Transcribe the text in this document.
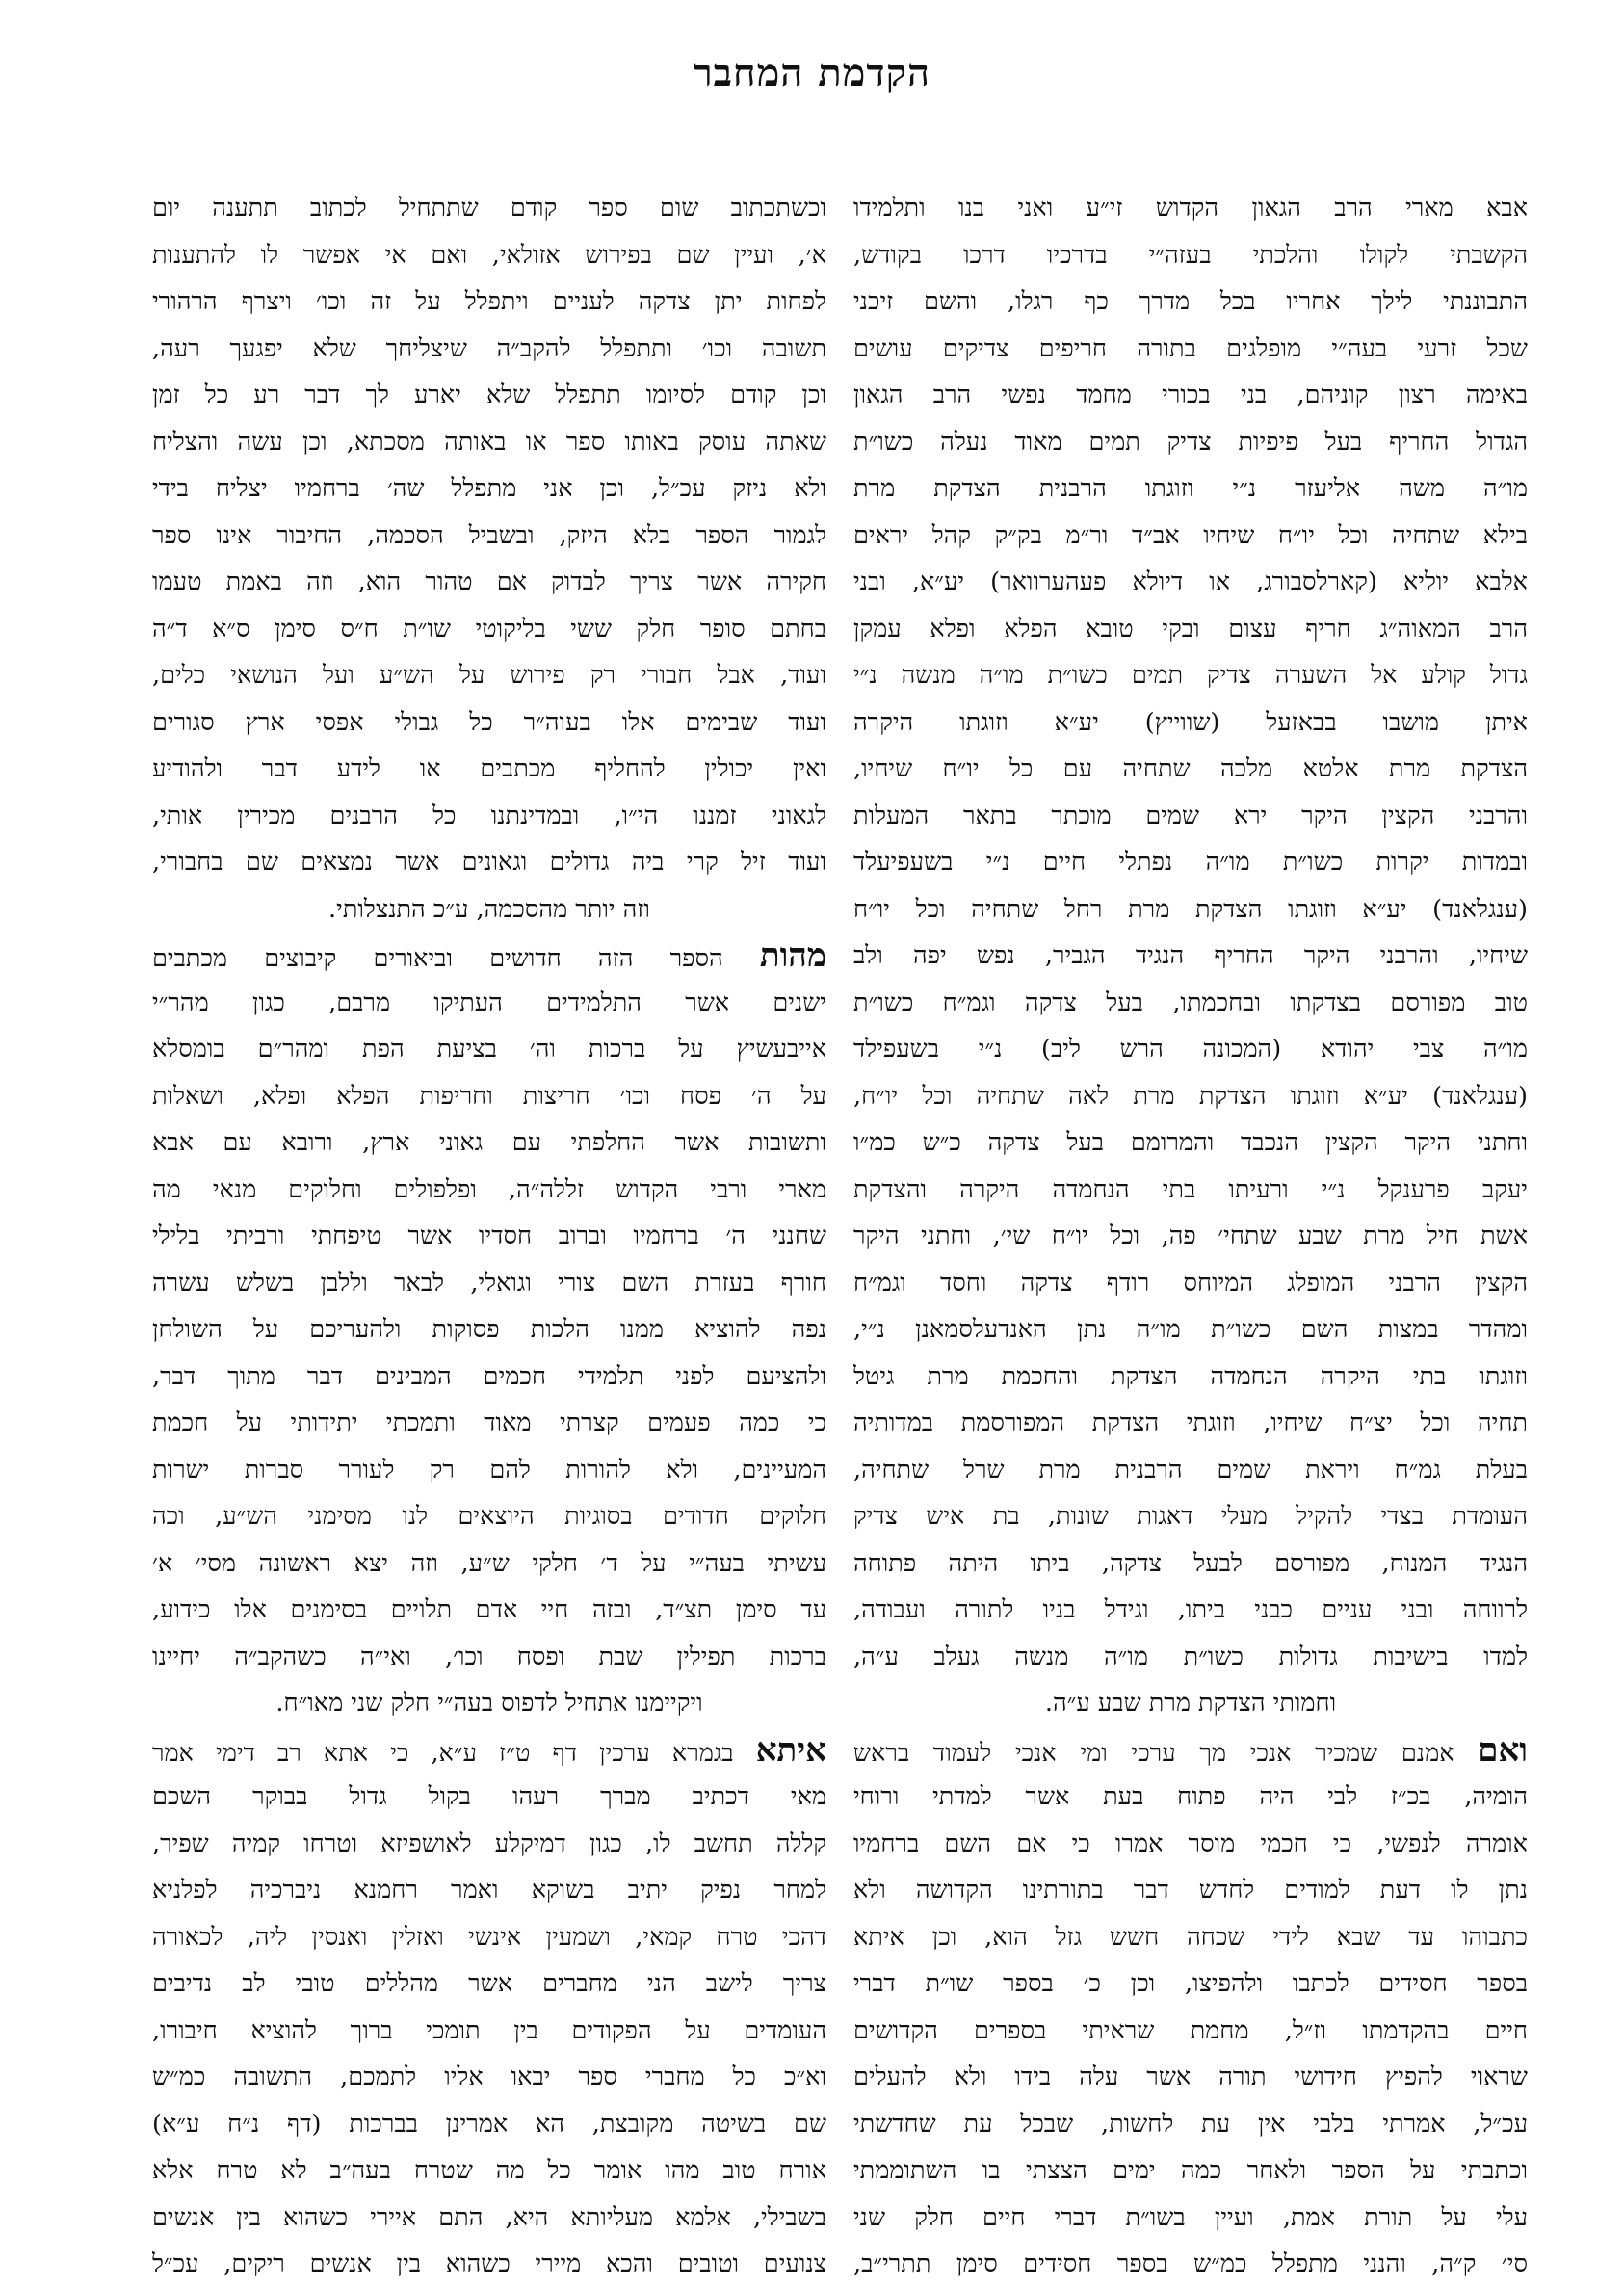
הקדמת המחבר
אבא מארי הרב הגאון הקדוש זי״ע ואני בנו ותלמידו
הקשבתי לקולו והלכתי בעזה״י בדרכיו דרכו בקודש,
התבוננתי לילך אחריו בכל מדרך כף רגלו, והשם זיכני
שכל זרעי בעה״י מופלגים בתורה חריפים צדיקים עושים
באימה רצון קוניהם, בני בכורי מחמד נפשי הרב הגאון
הגדול החריף בעל פיפיות צדיק תמים מאוד נעלה כשו״ת
מו״ה משה אליעזר נ״י וזוגתו הרבנית הצדקת מרת
בילא שתחיה וכל יו״ח שיחיו אב״ד ור״מ בק״ק קהל יראים
אלבא יוליא (קארלסבורג, או דיולא פעהערוואר) יע״א, ובני
הרב המאוה״ג חריף עצום ובקי טובא הפלא ופלא עמקן
גדול קולע אל השערה צדיק תמים כשו״ת מו״ה מנשה נ״י
איתן מושבו בבאזעל (שווייץ) יע״א וזוגתו היקרה
הצדקת מרת אלטא מלכה שתחיה עם כל יו״ח שיחיו,
והרבני הקצין היקר ירא שמים מוכתר בתאר המעלות
ובמדות יקרות כשו״ת מו״ה נפתלי חיים נ״י בשעפיעלד
(ענגלאנד) יע״א וזוגתו הצדקת מרת רחל שתחיה וכל יו״ח
שיחיו, והרבני היקר החריף הנגיד הגביר, נפש יפה ולב
טוב מפורסם בצדקתו ובחכמתו, בעל צדקה וגמ״ח כשו״ת
מו״ה צבי יהודא (המכונה הרש ליב) נ״י בשעפילד
(ענגלאנד) יע״א וזוגתו הצדקת מרת לאה שתחיה וכל יו״ח,
וחתני היקר הקצין הנכבד והמרומם בעל צדקה כ״ש כמ״ו
יעקב פרענקל נ״י ורעיתו בתי הנחמדה היקרה והצדקת
אשת חיל מרת שבע שתחי׳ פה, וכל יו״ח שי׳, וחתני היקר
הקצין הרבני המופלג המיוחס רודף צדקה וחסד וגמ״ח
ומהדר במצות השם כשו״ת מו״ה נתן האנדעלסמאנן נ״י,
וזוגתו בתי היקרה הנחמדה הצדקת והחכמת מרת גיטל
תחיה וכל יצ״ח שיחיו, וזוגתי הצדקת המפורסמת במדותיה
בעלת גמ״ח ויראת שמים הרבנית מרת שרל שתחיה,
העומדת בצדי להקיל מעלי דאגות שונות, בת איש צדיק
הנגיד המנוח, מפורסם לבעל צדקה, ביתו היתה פתוחה
לרווחה ובני עניים כבני ביתו, וגידל בניו לתורה ועבודה,
למדו בישיבות גדולות כשו״ת מו״ה מנשה געלב ע״ה,
וחמותי הצדקת מרת שבע ע״ה.
ואם אמנם שמכיר אנכי מך ערכי ומי אנכי לעמוד בראש
הומיה, בכ״ז לבי היה פתוח בעת אשר למדתי ורוחי
אומרה לנפשי, כי חכמי מוסר אמרו כי אם השם ברחמיו
נתן לו דעת למודים לחדש דבר בתורתינו הקדושה ולא
כתבוהו עד שבא לידי שכחה חשש גזל הוא, וכן איתא
בספר חסידים לכתבו ולהפיצו, וכן כ׳ בספר שו״ת דברי
חיים בהקדמתו וז״ל, מחמת שראיתי בספרים הקדושים
שראוי להפיץ חידושי תורה אשר עלה בידו ולא להעלים
עכ״ל, אמרתי בלבי אין עת לחשות, שבכל עת שחדשתי
וכתבתי על הספר ולאחר כמה ימים הצצתי בו השתוממתי
עלי על תורת אמת, ועיין בשו״ת דברי חיים חלק שני
סי׳ ק״ה, והנני מתפלל כמ״ש בספר חסידים סימן תתרי״ב,
וכשתכתוב שום ספר קודם שתתחיל לכתוב תתענה יום
א׳, ועיין שם בפירוש אזולאי, ואם אי אפשר לו להתענות
לפחות יתן צדקה לעניים ויתפלל על זה וכו׳ ויצרף הרהורי
תשובה וכו׳ ותתפלל להקב״ה שיצליחך שלא יפגעך רעה,
וכן קודם לסיומו תתפלל שלא יארע לך דבר רע כל זמן
שאתה עוסק באותו ספר או באותה מסכתא, וכן עשה והצליח
ולא ניזק עכ״ל, וכן אני מתפלל שה׳ ברחמיו יצליח בידי
לגמור הספר בלא היזק, ובשביל הסכמה, החיבור אינו ספר
חקירה אשר צריך לבדוק אם טהור הוא, וזה באמת טעמו
בחתם סופר חלק ששי בליקוטי שו״ת ח״ס סימן ס״א ד״ה
ועוד, אבל חבורי רק פירוש על הש״ע ועל הנושאי כלים,
ועוד שבימים אלו בעוה״ר כל גבולי אפסי ארץ סגורים
ואין יכולין להחליף מכתבים או לידע דבר ולהודיע
לגאוני זמננו הי״ו, ובמדינתנו כל הרבנים מכירין אותי,
ועוד זיל קרי ביה גדולים וגאונים אשר נמצאים שם בחבורי,
וזה יותר מהסכמה, ע״כ התנצלותי.
מהות הספר הזה חדושים וביאורים קיבוצים מכתבים
ישנים אשר התלמידים העתיקו מרבם, כגון מהר״י
אייבעשיץ על ברכות וה׳ בציעת הפת ומהר״ם בומסלא
על ה׳ פסח וכו׳ חריצות וחריפות הפלא ופלא, ושאלות
ותשובות אשר החלפתי עם גאוני ארץ, ורובא עם אבא
מארי ורבי הקדוש זללה״ה, ופלפולים וחלוקים מנאי מה
שחנני ה׳ ברחמיו וברוב חסדיו אשר טיפחתי ורביתי בלילי
חורף בעזרת השם צורי וגואלי, לבאר וללבן בשלש עשרה
נפה להוציא ממנו הלכות פסוקות ולהעריכם על השולחן
ולהציעם לפני תלמידי חכמים המבינים דבר מתוך דבר,
כי כמה פעמים קצרתי מאוד ותמכתי יתידותי על חכמת
המעיינים, ולא להורות להם רק לעורר סברות ישרות
חלוקים חדודים בסוגיות היוצאים לנו מסימני הש״ע, וכה
עשיתי בעה״י על ד׳ חלקי ש״ע, וזה יצא ראשונה מסי׳ א׳
עד סימן תצ״ד, ובזה חיי אדם תלויים בסימנים אלו כידוע,
ברכות תפילין שבת ופסח וכו׳, ואי״ה כשהקב״ה יחיינו
ויקיימנו אתחיל לדפוס בעה״י חלק שני מאו״ח.
איתא בגמרא ערכין דף ט״ז ע״א, כי אתא רב דימי אמר
מאי דכתיב מברך רעהו בקול גדול בבוקר השכם
קללה תחשב לו, כגון דמיקלע לאושפיזא וטרחו קמיה שפיר,
למחר נפיק יתיב בשוקא ואמר רחמנא ניברכיה לפלניא
דהכי טרח קמאי, ושמעין אינשי ואזלין ואנסין ליה, לכאורה
צריך לישב הני מחברים אשר מהללים טובי לב נדיבים
העומדים על הפקודים בין תומכי ברוך להוציא חיבורו,
וא״כ כל מחברי ספר יבאו אליו לתמכם, התשובה כמ״ש
שם בשיטה מקובצת, הא אמרינן בברכות (דף נ״ח ע״א)
אורח טוב מהו אומר כל מה שטרח בעה״ב לא טרח אלא
בשבילי, אלמא מעליותא היא, התם איירי כשהוא בין אנשים
צנועים וטובים והכא מיירי כשהוא בין אנשים ריקים, עכ״ל
